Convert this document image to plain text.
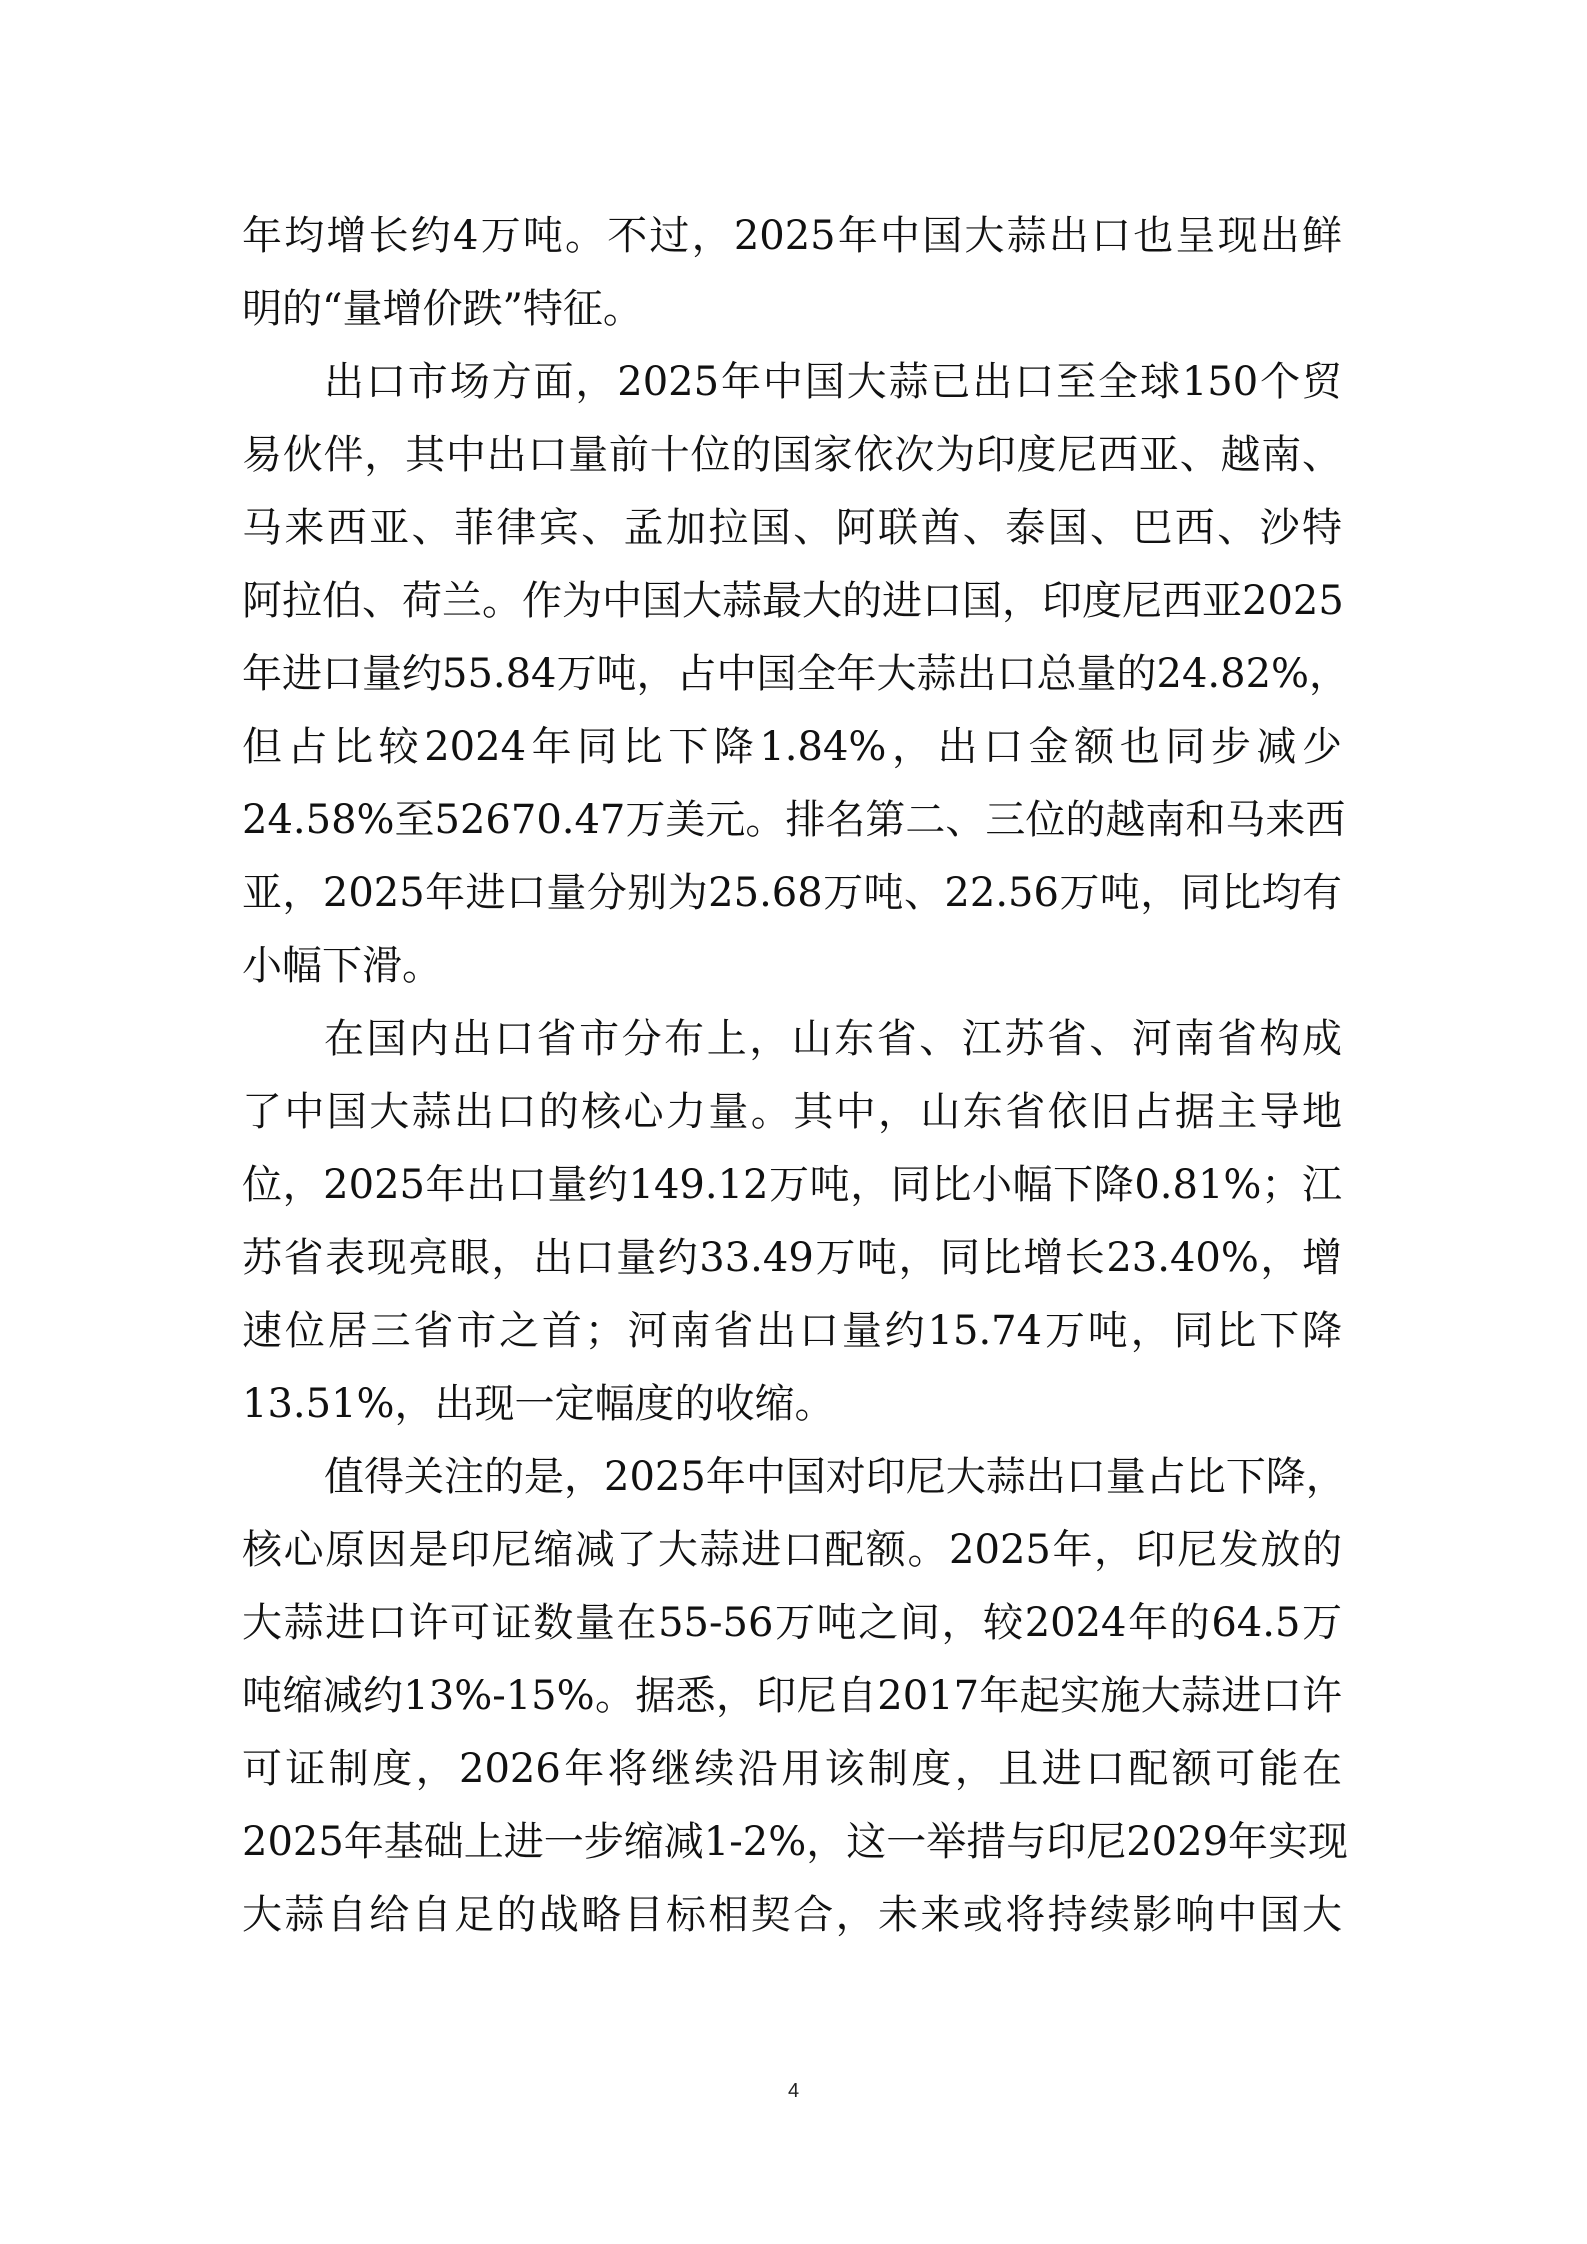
年均增长约4万吨。不过，2025年中国大蒜出口也呈现出鲜
明的“量增价跌”特征。
出口市场方面，2025年中国大蒜已出口至全球150个贸
易伙伴，其中出口量前十位的国家依次为印度尼西亚、越南、
马来西亚、菲律宾、孟加拉国、阿联酋、泰国、巴西、沙特
阿拉伯、荷兰。作为中国大蒜最大的进口国，印度尼西亚2025
年进口量约55.84万吨，占中国全年大蒜出口总量的24.82%，
但占比较2024年同比下降1.84%，出口金额也同步减少
24.58%至52670.47万美元。排名第二、三位的越南和马来西
亚，2025年进口量分别为25.68万吨、22.56万吨，同比均有
小幅下滑。
在国内出口省市分布上，山东省、江苏省、河南省构成
了中国大蒜出口的核心力量。其中，山东省依旧占据主导地
位，2025年出口量约149.12万吨，同比小幅下降0.81%；江
苏省表现亮眼，出口量约33.49万吨，同比增长23.40%，增
速位居三省市之首；河南省出口量约15.74万吨，同比下降
13.51%，出现一定幅度的收缩。
值得关注的是，2025年中国对印尼大蒜出口量占比下降，
核心原因是印尼缩减了大蒜进口配额。2025年，印尼发放的
大蒜进口许可证数量在55-56万吨之间，较2024年的64.5万
吨缩减约13%-15%。据悉，印尼自2017年起实施大蒜进口许
可证制度，2026年将继续沿用该制度，且进口配额可能在
2025年基础上进一步缩减1-2%，这一举措与印尼2029年实现
大蒜自给自足的战略目标相契合，未来或将持续影响中国大
4
